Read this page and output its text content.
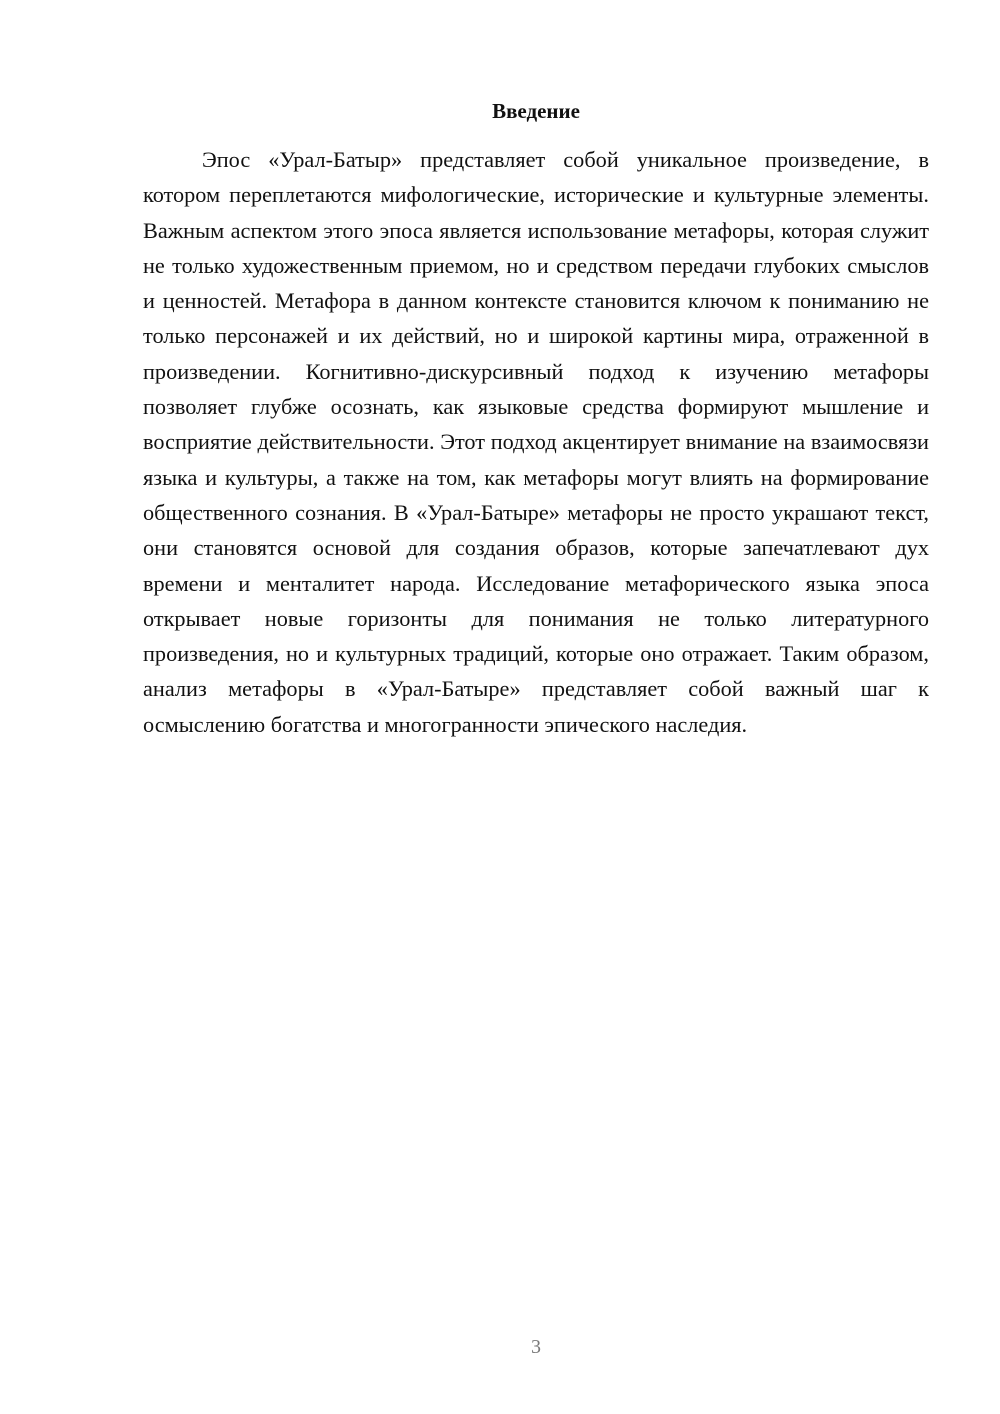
Введение

Эпос «Урал-Батыр» представляет собой уникальное произведение, в котором переплетаются мифологические, исторические и культурные элементы. Важным аспектом этого эпоса является использование метафоры, которая служит не только художественным приемом, но и средством передачи глубоких смыслов и ценностей. Метафора в данном контексте становится ключом к пониманию не только персонажей и их действий, но и широкой картины мира, отраженной в произведении. Когнитивно-дискурсивный подход к изучению метафоры позволяет глубже осознать, как языковые средства формируют мышление и восприятие действительности. Этот подход акцентирует внимание на взаимосвязи языка и культуры, а также на том, как метафоры могут влиять на формирование общественного сознания. В «Урал-Батыре» метафоры не просто украшают текст, они становятся основой для создания образов, которые запечатлевают дух времени и менталитет народа. Исследование метафорического языка эпоса открывает новые горизонты для понимания не только литературного произведения, но и культурных традиций, которые оно отражает. Таким образом, анализ метафоры в «Урал-Батыре» представляет собой важный шаг к осмыслению богатства и многогранности эпического наследия.

3
